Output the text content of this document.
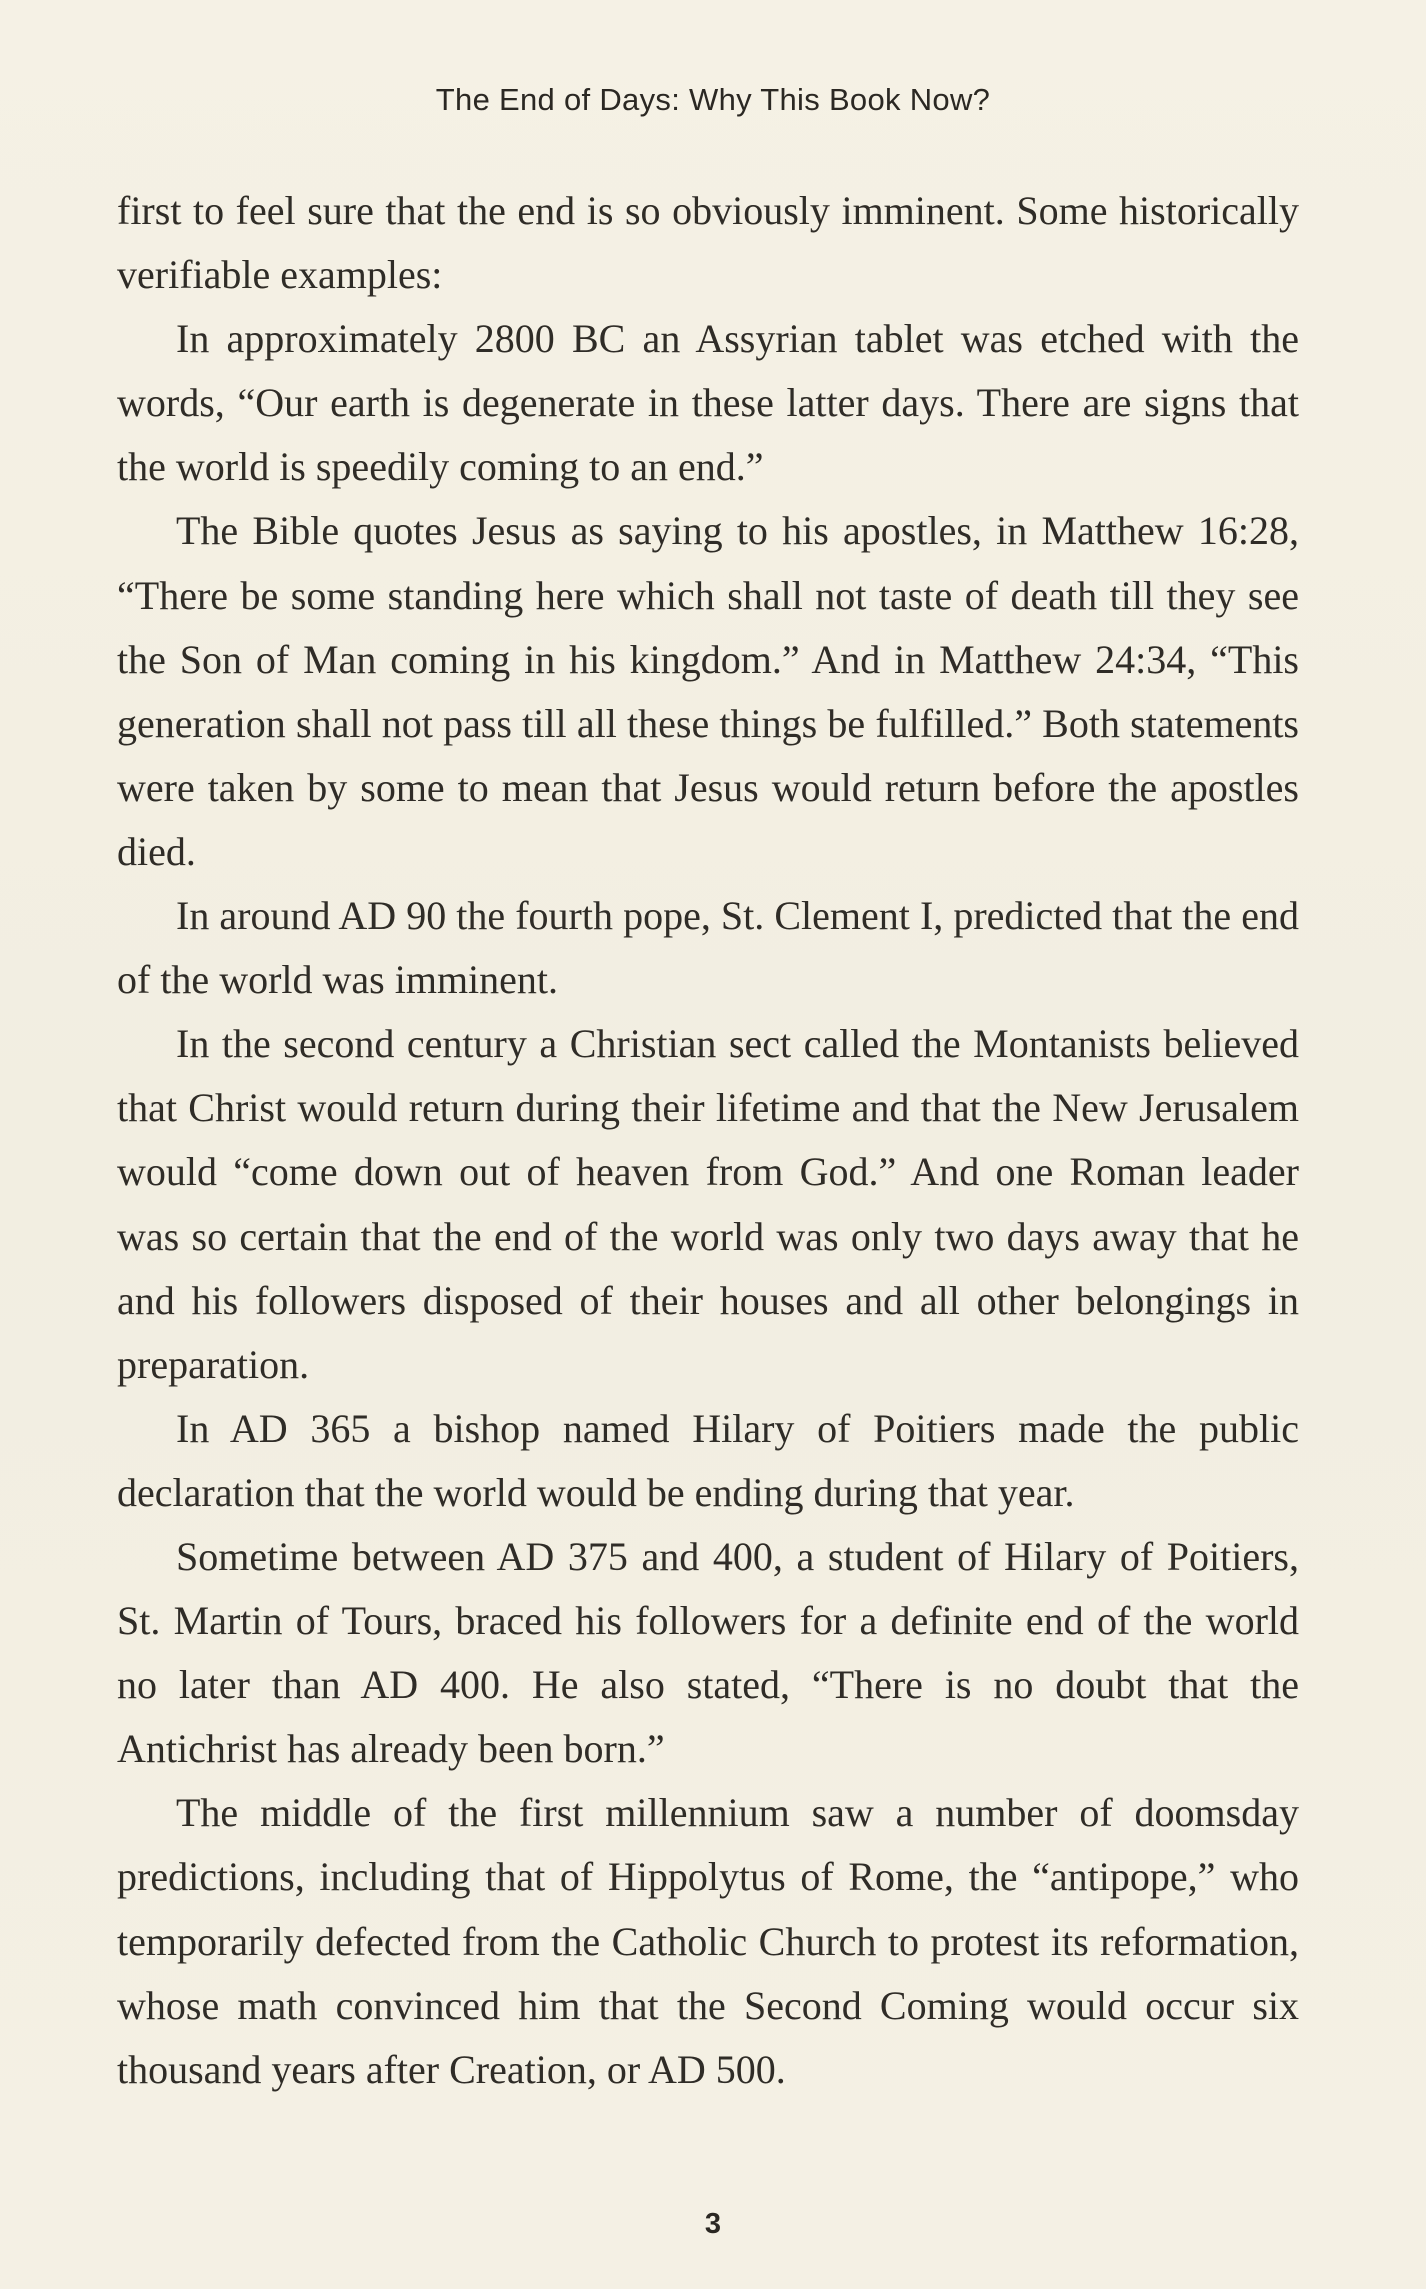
The End of Days: Why This Book Now?

first to feel sure that the end is so obviously imminent. Some historically verifiable examples:

In approximately 2800 BC an Assyrian tablet was etched with the words, “Our earth is degenerate in these latter days. There are signs that the world is speedily coming to an end.”

The Bible quotes Jesus as saying to his apostles, in Matthew 16:28, “There be some standing here which shall not taste of death till they see the Son of Man coming in his kingdom.” And in Matthew 24:34, “This generation shall not pass till all these things be fulfilled.” Both statements were taken by some to mean that Jesus would return before the apostles died.

In around AD 90 the fourth pope, St. Clement I, predicted that the end of the world was imminent.

In the second century a Christian sect called the Montanists believed that Christ would return during their lifetime and that the New Jerusalem would “come down out of heaven from God.” And one Roman leader was so certain that the end of the world was only two days away that he and his followers disposed of their houses and all other belongings in preparation.

In AD 365 a bishop named Hilary of Poitiers made the public declaration that the world would be ending during that year.

Sometime between AD 375 and 400, a student of Hilary of Poitiers, St. Martin of Tours, braced his followers for a definite end of the world no later than AD 400. He also stated, “There is no doubt that the Antichrist has already been born.”

The middle of the first millennium saw a number of doomsday predictions, including that of Hippolytus of Rome, the “antipope,” who temporarily defected from the Catholic Church to protest its reformation, whose math convinced him that the Second Coming would occur six thousand years after Creation, or AD 500.

3
